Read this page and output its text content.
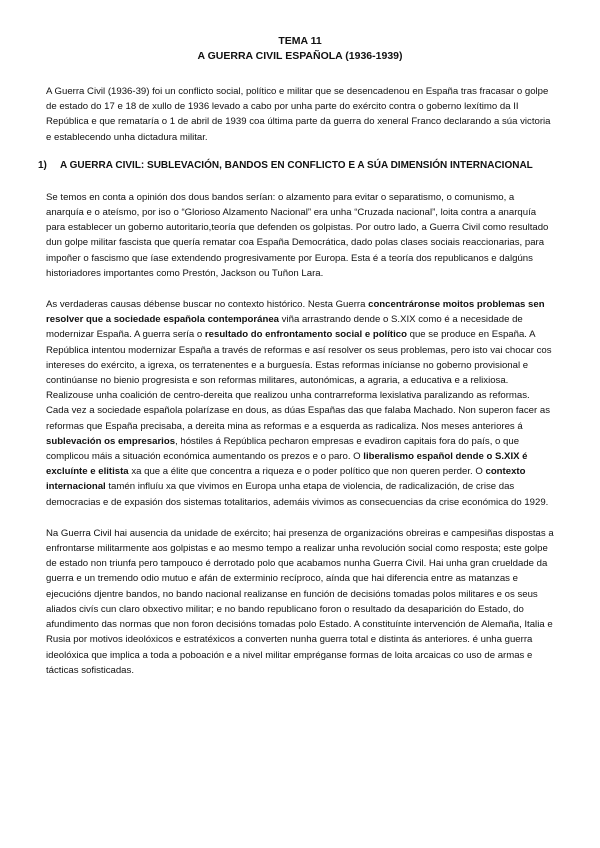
TEMA 11
A GUERRA CIVIL ESPAÑOLA (1936-1939)

A Guerra Civil (1936-39) foi un conflicto social, político e militar que se desencadenou en España tras fracasar o golpe de estado do 17 e 18 de xullo de 1936 levado a cabo por unha parte do exército contra o goberno lexítimo da II República e que remataría o 1 de abril de 1939 coa última parte da guerra do xeneral Franco declarando a súa victoria e establecendo unha dictadura militar.

1)	A GUERRA CIVIL: SUBLEVACIÓN, BANDOS EN CONFLICTO E A SÚA DIMENSIÓN INTERNACIONAL

Se temos en conta a opinión dos dous bandos serían: o alzamento para evitar o separatismo, o comunismo, a anarquía e o ateísmo, por iso o “Glorioso Alzamento Nacional” era unha “Cruzada nacional”, loita contra a anarquía para establecer un goberno autoritario,teoría que defenden os golpistas. Por outro lado, a Guerra Civil como resultado dun golpe militar fascista que quería rematar coa España Democrática, dado polas clases sociais reaccionarias, para impoñer o fascismo que íase extendendo progresivamente por Europa. Esta é a teoría dos republicanos e dalgúns historiadores importantes como Prestón, Jackson ou Tuñon Lara.

As verdaderas causas débense buscar no contexto histórico. Nesta Guerra concentráronse moitos problemas sen resolver que a sociedade española contemporánea viña arrastrando dende o S.XIX como é a necesidade de modernizar España. A guerra sería o resultado do enfrontamento social e político que se produce en España. A República intentou modernizar España a través de reformas e así resolver os seus problemas, pero isto vai chocar cos intereses do exército, a igrexa, os terratenentes e a burguesía. Estas reformas inícianse no goberno provisional e continúanse no bienio progresista e son reformas militares, autonómicas, a agraria, a educativa e a relixiosa. Realizouse unha coalición de centro-dereita que realizou unha contrarreforma lexislativa paralizando as reformas. Cada vez a sociedade española polarízase en dous, as dúas Españas das que falaba Machado. Non superon facer as reformas que España precisaba, a dereita mina as reformas e a esquerda as radicaliza. Nos meses anteriores á sublevación os empresarios, hóstiles á República pecharon empresas e evadiron capitais fora do país, o que complicou máis a situación económica aumentando os prezos e o paro. O liberalismo español dende o S.XIX é excluínte e elitista xa que a élite que concentra a riqueza e o poder político que non queren perder. O contexto internacional tamén influíu xa que vivimos en Europa unha etapa de violencia, de radicalización, de crise das democracias e de expasión dos sistemas totalitarios, ademáis vivimos as consecuencias da crise económica do 1929.

Na Guerra Civil hai ausencia da unidade de exército; hai presenza de organizacións obreiras e campesiñas dispostas a enfrontarse militarmente aos golpistas e ao mesmo tempo a realizar unha revolución social como resposta; este golpe de estado non triunfa pero tampouco é derrotado polo que acabamos nunha Guerra Civil. Hai unha gran crueldade da guerra e un tremendo odio mutuo e afán de exterminio recíproco, aínda que hai diferencia entre as matanzas e ejecucións djentre bandos, no bando nacional realizanse en función de decisións tomadas polos militares e os seus aliados civís cun claro obxectivo militar; e no bando republicano foron o resultado da desaparición do Estado, do afundimento das normas que non foron decisións tomadas polo Estado. A constituínte intervención de Alemaña, Italia e Rusia por motivos ideolóxicos e estratéxicos a converten nunha guerra total e distinta ás anteriores. é unha guerra ideolóxica que implica a toda a poboación e a nivel militar empréganse formas de loita arcaicas co uso de armas e tácticas sofisticadas.
